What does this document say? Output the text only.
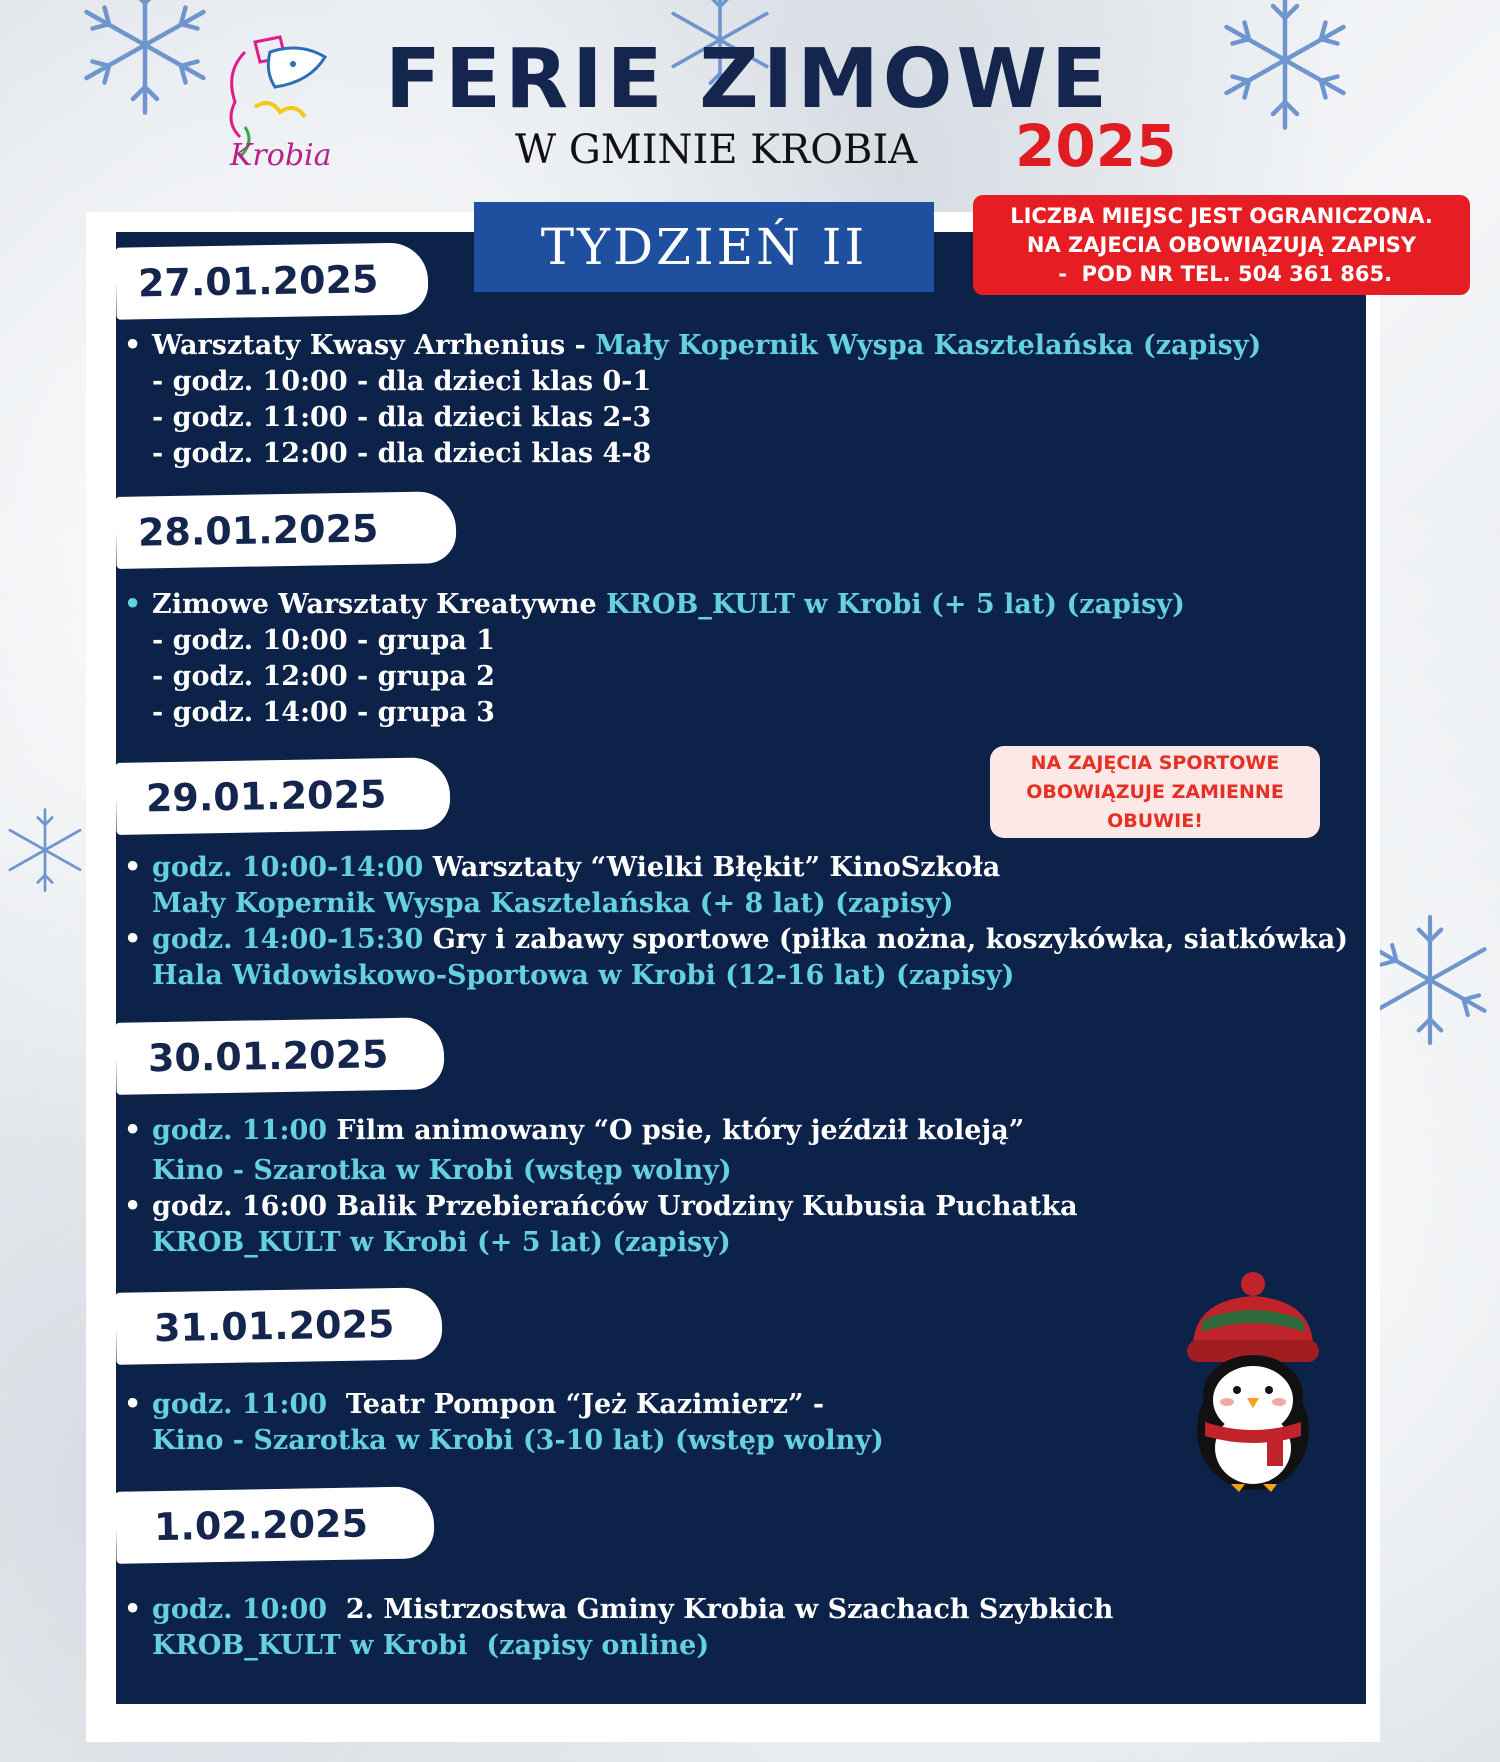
Krobia
FERIE ZIMOWE
W GMINIE KROBIA 2025
TYDZIEŃ II
LICZBA MIEJSC JEST OGRANICZONA.
NA ZAJECIA OBOWIĄZUJĄ ZAPISY
-  POD NR TEL. 504 361 865.
27.01.2025
• Warsztaty Kwasy Arrhenius - Mały Kopernik Wyspa Kasztelańska (zapisy)
- godz. 10:00 - dla dzieci klas 0-1
- godz. 11:00 - dla dzieci klas 2-3
- godz. 12:00 - dla dzieci klas 4-8
28.01.2025
• Zimowe Warsztaty Kreatywne KROB_KULT w Krobi (+ 5 lat) (zapisy)
- godz. 10:00 - grupa 1
- godz. 12:00 - grupa 2
- godz. 14:00 - grupa 3
NA ZAJĘCIA SPORTOWE
OBOWIĄZUJE ZAMIENNE
OBUWIE!
29.01.2025
• godz. 10:00-14:00 Warsztaty “Wielki Błękit” KinoSzkoła
Mały Kopernik Wyspa Kasztelańska (+ 8 lat) (zapisy)
• godz. 14:00-15:30 Gry i zabawy sportowe (piłka nożna, koszykówka, siatkówka)
Hala Widowiskowo-Sportowa w Krobi (12-16 lat) (zapisy)
30.01.2025
• godz. 11:00 Film animowany “O psie, który jeździł koleją”
Kino - Szarotka w Krobi (wstęp wolny)
• godz. 16:00 Balik Przebierańców Urodziny Kubusia Puchatka
KROB_KULT w Krobi (+ 5 lat) (zapisy)
31.01.2025
• godz. 11:00  Teatr Pompon “Jeż Kazimierz” -
Kino - Szarotka w Krobi (3-10 lat) (wstęp wolny)
1.02.2025
• godz. 10:00  2. Mistrzostwa Gminy Krobia w Szachach Szybkich
KROB_KULT w Krobi  (zapisy online)
